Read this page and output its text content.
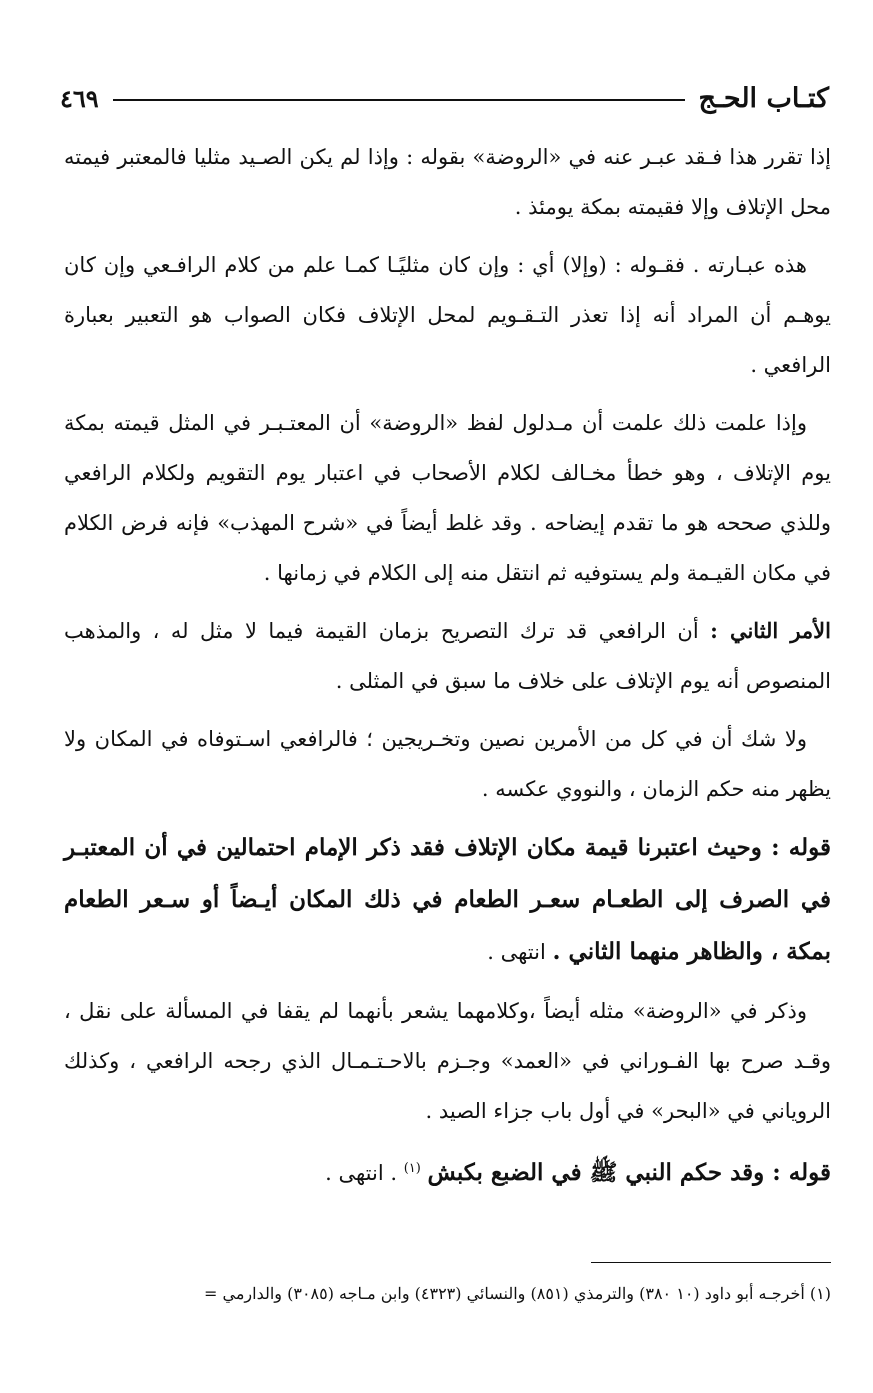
كتـاب الحـج
٤٦٩

إذا تقرر هذا فـقد عبـر عنه في «الروضة» بقوله : وإذا لم يكن الصـيد مثليا فالمعتبر فيمته محل الإتلاف وإلا فقيمته بمكة يومئذ .

هذه عبـارته . فقـوله : (وإلا) أي : وإن كان مثليًـا كمـا علم من كلام الرافـعي وإن كان يوهـم أن المراد أنه إذا تعذر التـقـويم لمحل الإتلاف فكان الصواب هو التعبير بعبارة الرافعي .

وإذا علمت ذلك علمت أن مـدلول لفظ «الروضة» أن المعتـبـر في المثل قيمته بمكة يوم الإتلاف ، وهو خطأ مخـالف لكلام الأصحاب في اعتبار يوم التقويم ولكلام الرافعي وللذي صححه هو ما تقدم إيضاحه . وقد غلط أيضاً في «شرح المهذب» فإنه فرض الكلام في مكان القيـمة ولم يستوفيه ثم انتقل منه إلى الكلام في زمانها .

الأمر الثاني : أن الرافعي قد ترك التصريح بزمان القيمة فيما لا مثل له ، والمذهب المنصوص أنه يوم الإتلاف على خلاف ما سبق في المثلى .

ولا شك أن في كل من الأمرين نصين وتخـريجين ؛ فالرافعي اسـتوفاه في المكان ولا يظهر منه حكم الزمان ، والنووي عكسه .

قوله : وحيث اعتبرنا قيمة مكان الإتلاف فقد ذكر الإمام احتمالين في أن المعتبـر في الصرف إلى الطعـام سعـر الطعام في ذلك المكان أيـضاً أو سـعر الطعام بمكة ، والظاهر منهما الثاني . انتهى .

وذكر في «الروضة» مثله أيضاً ،وكلامهما يشعر بأنهما لم يقفا في المسألة على نقل ، وقـد صرح بها الفـوراني في «العمد» وجـزم بالاحـتـمـال الذي رجحه الرافعي ، وكذلك الروياني في «البحر» في أول باب جزاء الصيد .

قوله : وقد حكم النبي ﷺ في الضبع بكبش $^{(١)}$ . انتهى .

(١) أخرجـه أبو داود (١٠ ٣٨٠) والترمذي (٨٥١) والنسائي (٤٣٢٣) وابن مـاجه (٣٠٨٥) والدارمي =
